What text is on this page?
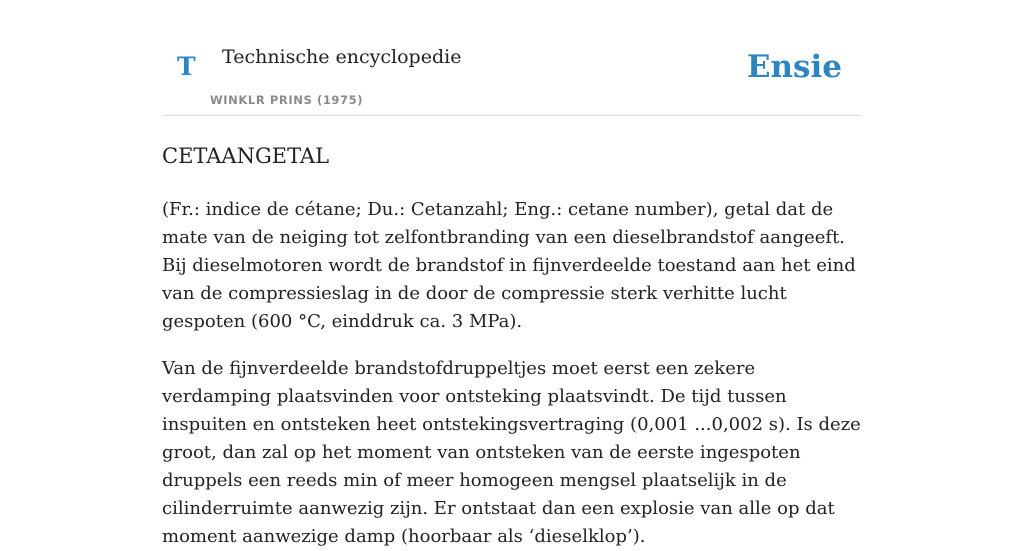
T Technische encyclopedie
WINKLR PRINS (1975)
Ensie
CETAANGETAL

(Fr.: indice de cétane; Du.: Cetanzahl; Eng.: cetane number), getal dat de mate van de neiging tot zelfontbranding van een dieselbrandstof aangeeft. Bij dieselmotoren wordt de brandstof in fijnverdeelde toestand aan het eind van de compressieslag in de door de compressie sterk verhitte lucht gespoten (600 °C, einddruk ca. 3 MPa).

Van de fijnverdeelde brandstofdruppeltjes moet eerst een zekere verdamping plaatsvinden voor ontsteking plaatsvindt. De tijd tussen inspuiten en ontsteken heet ontstekingsvertraging (0,001 ...0,002 s). Is deze groot, dan zal op het moment van ontsteken van de eerste ingespoten druppels een reeds min of meer homogeen mengsel plaatselijk in de cilinderruimte aanwezig zijn. Er ontstaat dan een explosie van alle op dat moment aanwezige damp (hoorbaar als ‘dieselklop’).
